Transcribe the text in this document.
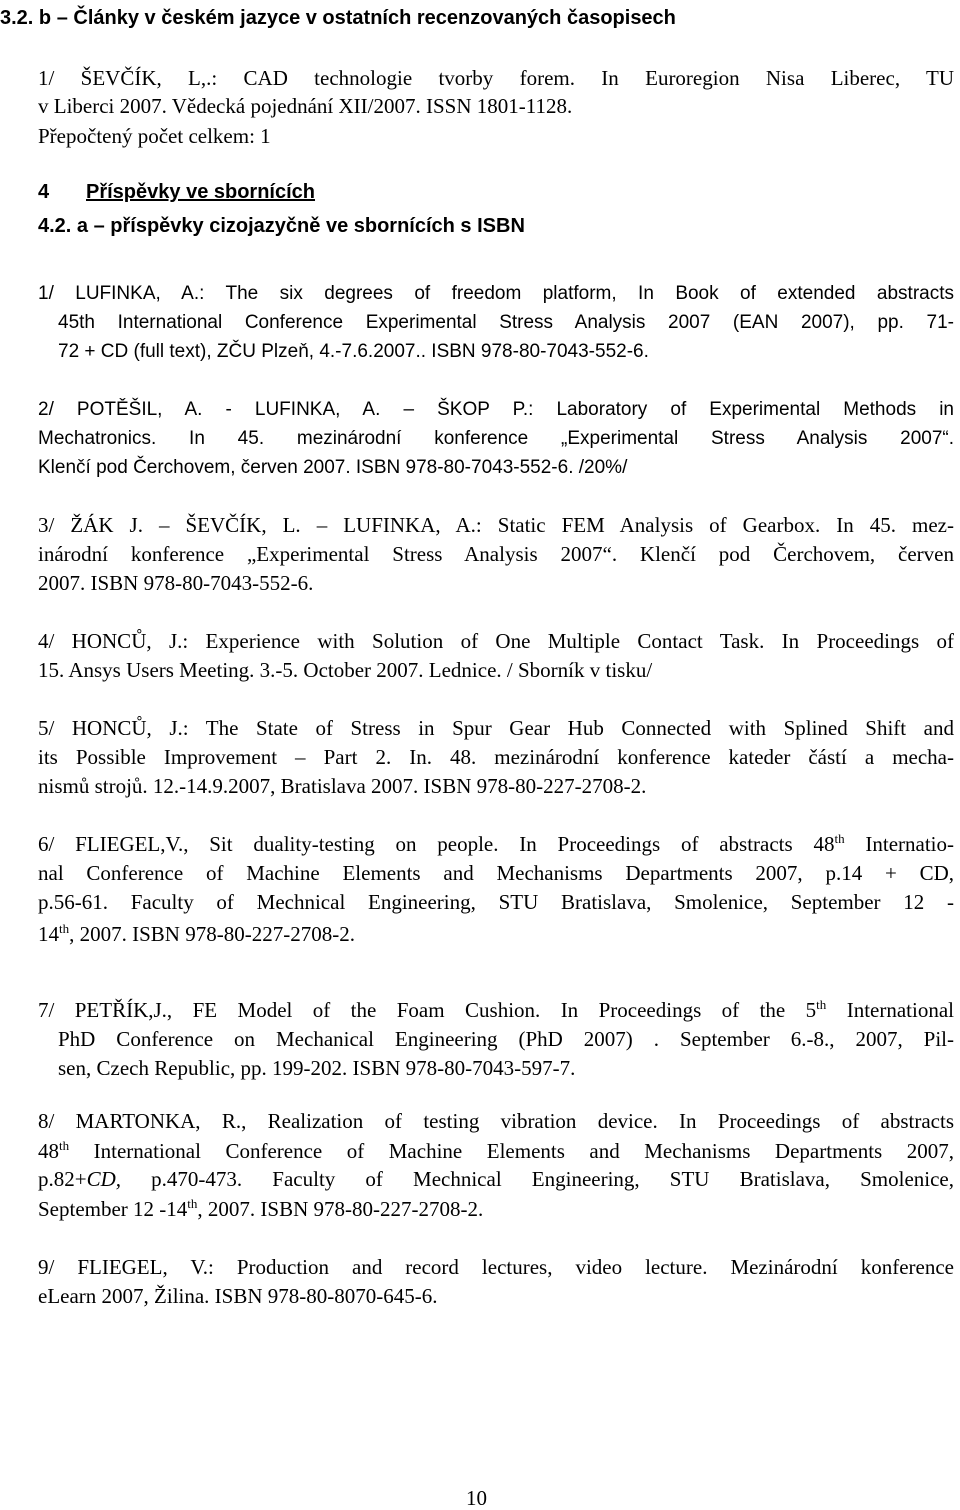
3.2. b – Články v českém jazyce v ostatních recenzovaných časopisech
1/ ŠEVČÍK, L,.: CAD technologie tvorby forem. In Euroregion Nisa Liberec, TU
v Liberci 2007. Vědecká pojednání XII/2007. ISSN 1801-1128.
Přepočtený počet celkem: 1
4 Příspěvky ve sbornících
4.2. a – příspěvky cizojazyčně ve sbornících s ISBN
1/ LUFINKA, A.: The six degrees of freedom platform, In Book of extended abstracts
45th International Conference Experimental Stress Analysis 2007 (EAN 2007), pp. 71-
72 + CD (full text), ZČU Plzeň, 4.-7.6.2007.. ISBN 978-80-7043-552-6.
2/ POTĚŠIL, A. - LUFINKA, A. – ŠKOP P.: Laboratory of Experimental Methods in
Mechatronics. In 45. mezinárodní konference „Experimental Stress Analysis 2007“.
Klenčí pod Čerchovem, červen 2007. ISBN 978-80-7043-552-6. /20%/
3/ ŽÁK J. – ŠEVČÍK, L. – LUFINKA, A.: Static FEM Analysis of Gearbox. In 45. mez-
inárodní konference „Experimental Stress Analysis 2007“. Klenčí pod Čerchovem, červen
2007. ISBN 978-80-7043-552-6.
4/ HONCŮ, J.: Experience with Solution of One Multiple Contact Task. In Proceedings of
15. Ansys Users Meeting. 3.-5. October 2007. Lednice. / Sborník v tisku/
5/ HONCŮ, J.: The State of Stress in Spur Gear Hub Connected with Splined Shift and
its Possible Improvement – Part 2. In. 48. mezinárodní konference kateder částí a mecha-
nismů strojů. 12.-14.9.2007, Bratislava 2007. ISBN 978-80-227-2708-2.
6/ FLIEGEL,V., Sit duality-testing on people. In Proceedings of abstracts 48th Internatio-
nal Conference of Machine Elements and Mechanisms Departments 2007, p.14 + CD,
p.56-61. Faculty of Mechnical Engineering, STU Bratislava, Smolenice, September 12 -
14th, 2007. ISBN 978-80-227-2708-2.
7/ PETŘÍK,J., FE Model of the Foam Cushion. In Proceedings of the 5th International
PhD Conference on Mechanical Engineering (PhD 2007) . September 6.-8., 2007, Pil-
sen, Czech Republic, pp. 199-202. ISBN 978-80-7043-597-7.
8/ MARTONKA, R., Realization of testing vibration device. In Proceedings of abstracts
48th International Conference of Machine Elements and Mechanisms Departments 2007,
p.82+CD, p.470-473. Faculty of Mechnical Engineering, STU Bratislava, Smolenice,
September 12 -14th, 2007. ISBN 978-80-227-2708-2.
9/ FLIEGEL, V.: Production and record lectures, video lecture. Mezinárodní konference
eLearn 2007, Žilina. ISBN 978-80-8070-645-6.
10
